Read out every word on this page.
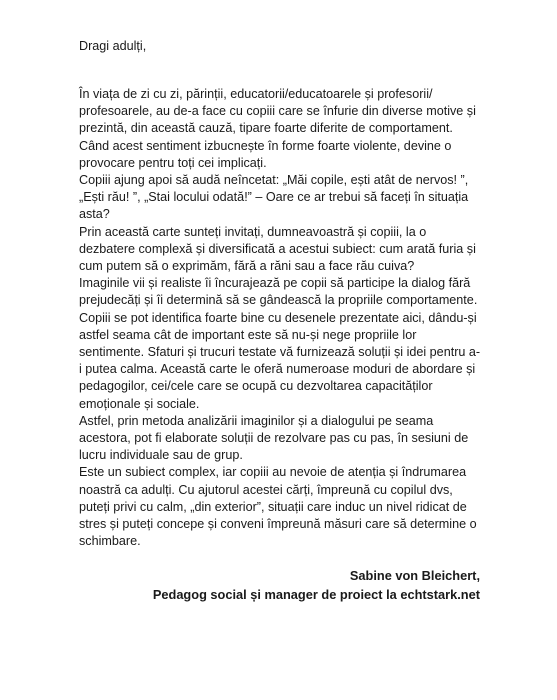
Dragi adulți,

În viața de zi cu zi, părinții, educatorii/educatoarele și profesorii/ profesoarele, au de-a face cu copiii care se înfurie din diverse motive și prezintă, din această cauză, tipare foarte diferite de comportament. Când acest sentiment izbucnește în forme foarte violente, devine o provocare pentru toți cei implicați.

Copiii ajung apoi să audă neîncetat: „Măi copile, ești atât de nervos! ”, „Ești rău! ”, „Stai locului odată!” – Oare ce ar trebui să faceți în situația asta?

Prin această carte sunteți invitați, dumneavoastră și copiii, la o dezbatere complexă și diversificată a acestui subiect: cum arată furia și cum putem să o exprimăm, fără a răni sau a face rău cuiva?

Imaginile vii și realiste îi încurajează pe copii să participe la dialog fără prejudecăți și îi determină să se gândească la propriile comportamente.

Copiii se pot identifica foarte bine cu desenele prezentate aici, dându-și astfel seama cât de important este să nu-și nege propriile lor sentimente. Sfaturi și trucuri testate vă furnizează soluții și idei pentru a-i putea calma. Această carte le oferă numeroase moduri de abordare și pedagogilor, cei/cele care se ocupă cu dezvoltarea capacităților emoționale și sociale.

Astfel, prin metoda analizării imaginilor și a dialogului pe seama acestora, pot fi elaborate soluții de rezolvare pas cu pas, în sesiuni de lucru individuale sau de grup.

Este un subiect complex, iar copiii au nevoie de atenția și îndrumarea noastră ca adulți. Cu ajutorul acestei cărți, împreună cu copilul dvs, puteți privi cu calm, „din exterior”, situații care induc un nivel ridicat de stres și puteți concepe și conveni împreună măsuri care să determine o schimbare.

Sabine von Bleichert,
Pedagog social și manager de proiect la echtstark.net
